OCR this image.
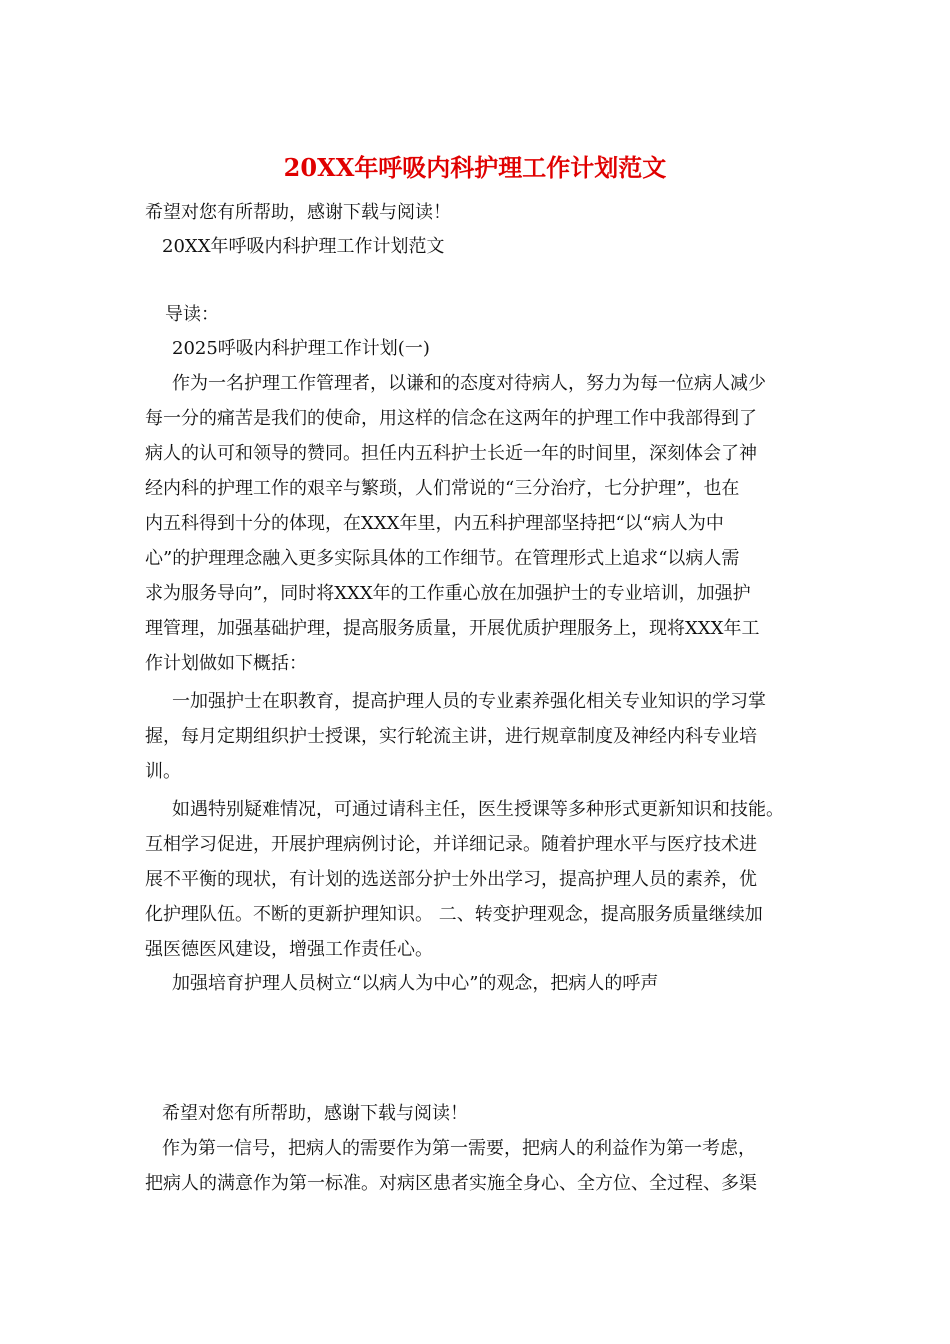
20XX年呼吸内科护理工作计划范文
希望对您有所帮助，感谢下载与阅读！
20XX年呼吸内科护理工作计划范文
导读：
2025呼吸内科护理工作计划(一)
作为一名护理工作管理者，以谦和的态度对待病人，努力为每一位病人减少
每一分的痛苦是我们的使命，用这样的信念在这两年的护理工作中我部得到了
病人的认可和领导的赞同。担任内五科护士长近一年的时间里，深刻体会了神
经内科的护理工作的艰辛与繁琐，人们常说的“三分治疗，七分护理”，也在
内五科得到十分的体现，在XXX年里，内五科护理部坚持把“以“病人为中
心”的护理理念融入更多实际具体的工作细节。在管理形式上追求“以病人需
求为服务导向”，同时将XXX年的工作重心放在加强护士的专业培训，加强护
理管理，加强基础护理，提高服务质量，开展优质护理服务上，现将XXX年工
作计划做如下概括：
一加强护士在职教育，提高护理人员的专业素养强化相关专业知识的学习掌
握，每月定期组织护士授课，实行轮流主讲，进行规章制度及神经内科专业培
训。
如遇特别疑难情况，可通过请科主任，医生授课等多种形式更新知识和技能。
互相学习促进，开展护理病例讨论，并详细记录。随着护理水平与医疗技术进
展不平衡的现状，有计划的选送部分护士外出学习，提高护理人员的素养，优
化护理队伍。不断的更新护理知识。 二、转变护理观念，提高服务质量继续加
强医德医风建设，增强工作责任心。
加强培育护理人员树立“以病人为中心”的观念，把病人的呼声
希望对您有所帮助，感谢下载与阅读！
作为第一信号，把病人的需要作为第一需要，把病人的利益作为第一考虑，
把病人的满意作为第一标准。对病区患者实施全身心、全方位、全过程、多渠
